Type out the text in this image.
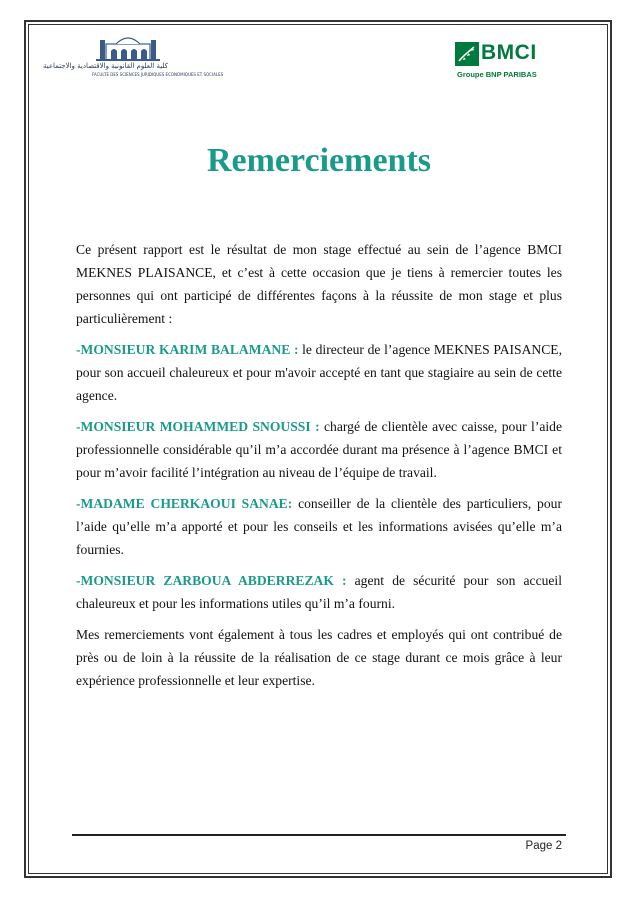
كلية العلوم القانونية والاقتصادية والاجتماعية
FACULTE DES SCIENCES JURIDIQUES ECONOMIQUES ET SOCIALES
BMCI
Groupe BNP PARIBAS
Remerciements

Ce présent rapport est le résultat de mon stage effectué au sein de l’agence BMCI MEKNES PLAISANCE, et c’est à cette occasion que je tiens à remercier toutes les personnes qui ont participé de différentes façons à la réussite de mon stage et plus particulièrement :

-MONSIEUR KARIM BALAMANE : le directeur de l’agence MEKNES PAISANCE, pour son accueil chaleureux et pour m'avoir accepté en tant que stagiaire au sein de cette agence.

-MONSIEUR MOHAMMED SNOUSSI : chargé de clientèle avec caisse, pour l’aide professionnelle considérable qu’il m’a accordée durant ma présence à l’agence BMCI et pour m’avoir facilité l’intégration au niveau de l’équipe de travail.

-MADAME CHERKAOUI SANAE: conseiller de la clientèle des particuliers, pour l’aide qu’elle m’a apporté et pour les conseils et les informations avisées qu’elle m’a fournies.

-MONSIEUR ZARBOUA ABDERREZAK : agent de sécurité pour son accueil chaleureux et pour les informations utiles qu’il m’a fourni.

Mes remerciements vont également à tous les cadres et employés qui ont contribué de près ou de loin à la réussite de la réalisation de ce stage durant ce mois grâce à leur expérience professionnelle et leur expertise.

Page 2
